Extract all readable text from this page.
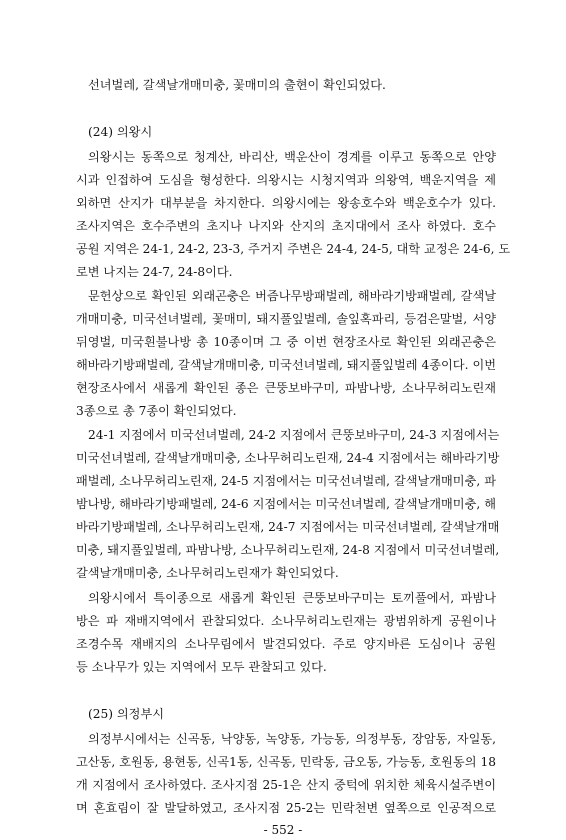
선녀벌레, 갈색날개매미충, 꽃매미의 출현이 확인되었다.
(24) 의왕시
의왕시는 동쪽으로 청계산, 바리산, 백운산이 경계를 이루고 동쪽으로 안양
시과 인접하여 도심을 형성한다. 의왕시는 시청지역과 의왕역, 백운지역을 제
외하면 산지가 대부분을 차지한다. 의왕시에는 왕송호수와 백운호수가 있다.
조사지역은 호수주변의 초지나 나지와 산지의 초지대에서 조사 하였다. 호수
공원 지역은 24-1, 24-2, 23-3, 주거지 주변은 24-4, 24-5, 대학 교정은 24-6, 도
로변 나지는 24-7, 24-8이다.
문헌상으로 확인된 외래곤충은 버즘나무방패벌레, 해바라기방패벌레, 갈색날
개매미충, 미국선녀벌레, 꽃매미, 돼지풀잎벌레, 솔잎혹파리, 등검은말벌, 서양
뒤영벌, 미국흰불나방 총 10종이며 그 중 이번 현장조사로 확인된 외래곤충은
해바라기방패벌레, 갈색날개매미충, 미국선녀벌레, 돼지풀잎벌레 4종이다. 이번
현장조사에서 새롭게 확인된 종은 큰뚱보바구미, 파밤나방, 소나무허리노린재
3종으로 총 7종이 확인되었다.
24-1 지점에서 미국선녀벌레, 24-2 지점에서 큰뚱보바구미, 24-3 지점에서는
미국선녀벌레, 갈색날개매미충, 소나무허리노린재, 24-4 지점에서는 해바라기방
패벌레, 소나무허리노린재, 24-5 지점에서는 미국선녀벌레, 갈색날개매미충, 파
밤나방, 해바라기방패벌레, 24-6 지점에서는 미국선녀벌레, 갈색날개매미충, 해
바라기방패벌레, 소나무허리노린재, 24-7 지점에서는 미국선녀벌레, 갈색날개매
미충, 돼지풀잎벌레, 파밤나방, 소나무허리노린재, 24-8 지점에서 미국선녀벌레,
갈색날개매미충, 소나무허리노린재가 확인되었다.
의왕시에서 특이종으로 새롭게 확인된 큰뚱보바구미는 토끼풀에서, 파밤나
방은 파 재배지역에서 관찰되었다. 소나무허리노린재는 광범위하게 공원이나
조경수목 재배지의 소나무림에서 발견되었다. 주로 양지바른 도심이나 공원
등 소나무가 있는 지역에서 모두 관찰되고 있다.
(25) 의정부시
의정부시에서는 신곡동, 낙양동, 녹양동, 가능동, 의정부동, 장암동, 자일동,
고산동, 호원동, 용현동, 신곡1동, 신곡동, 민락동, 금오동, 가능동, 호원동의 18
개 지점에서 조사하였다. 조사지점 25-1은 산지 중턱에 위치한 체육시설주변이
며 혼효림이 잘 발달하였고, 조사지점 25-2는 민락천변 옆쪽으로 인공적으로
- 552 -
